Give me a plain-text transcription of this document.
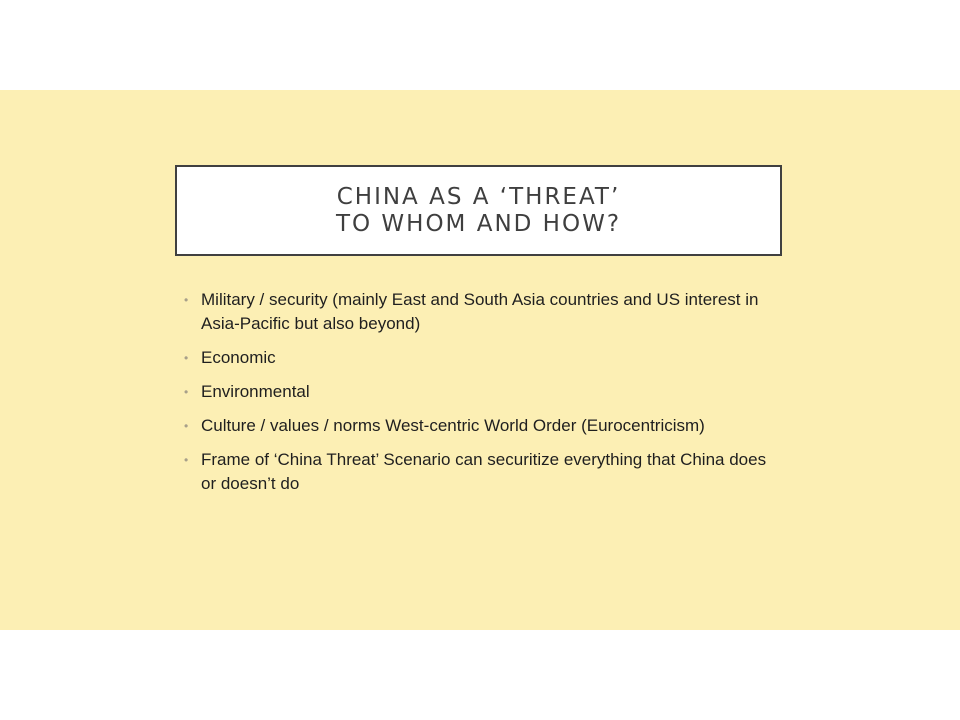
CHINA AS A ‘THREAT’
TO WHOM AND HOW?
• Military / security (mainly East and South Asia countries and US interest in Asia-Pacific but also beyond)
• Economic
• Environmental
• Culture / values / norms West-centric World Order (Eurocentricism)
• Frame of ‘China Threat’ Scenario can securitize everything that China does or doesn’t do
